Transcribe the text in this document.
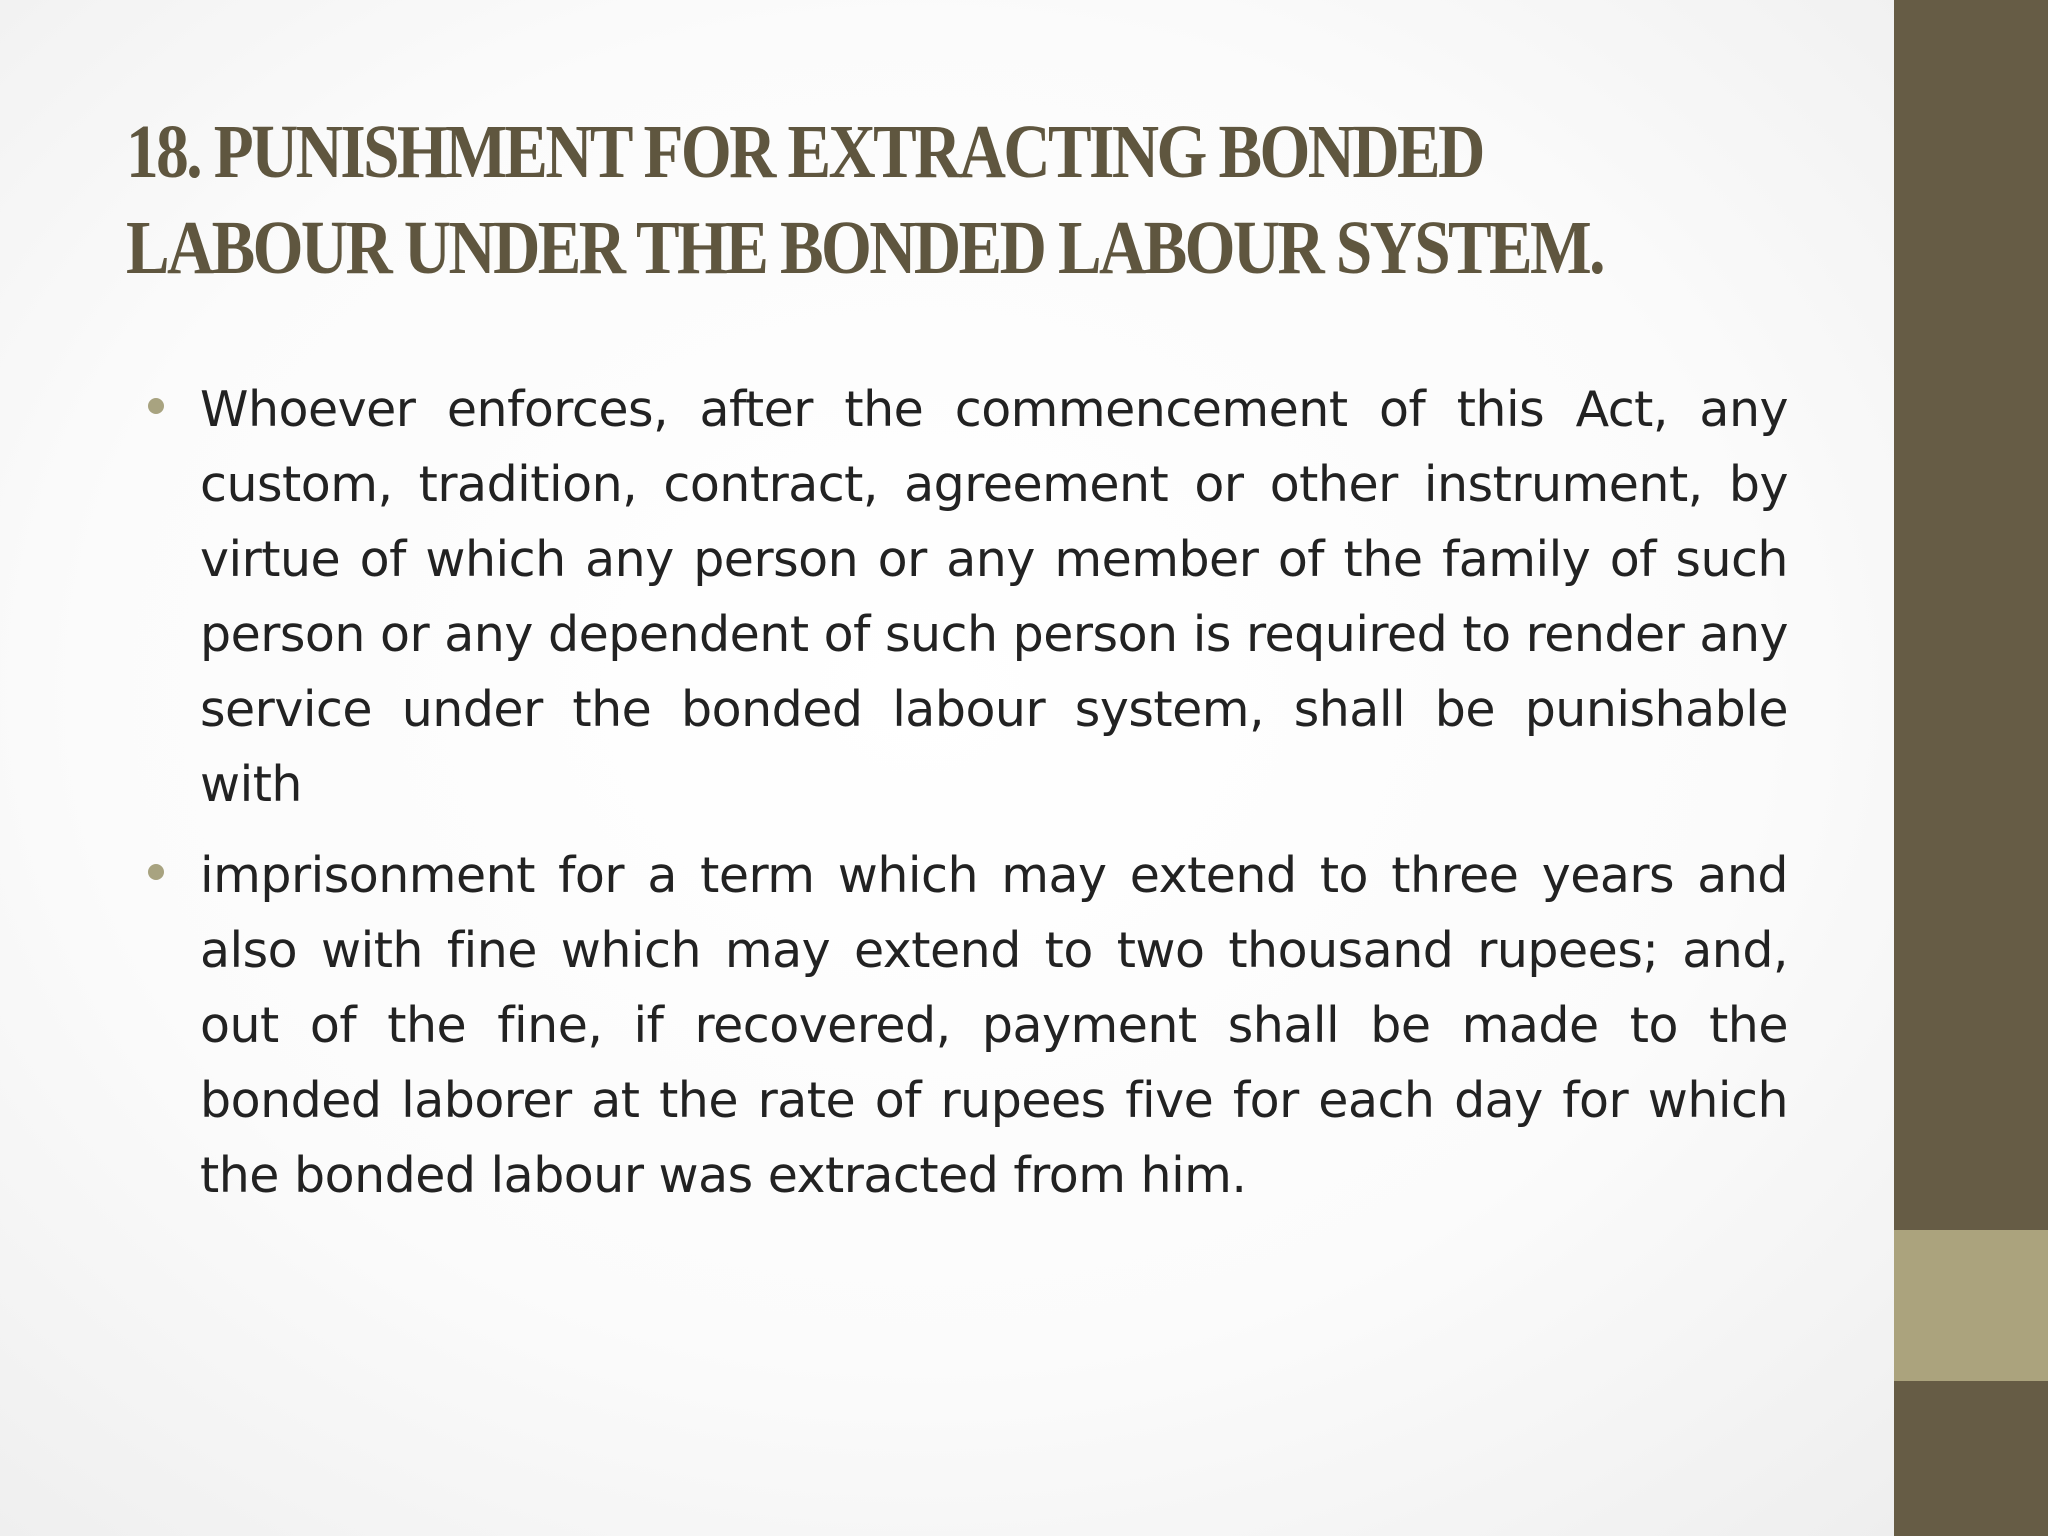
18. PUNISHMENT FOR EXTRACTING BONDED
LABOUR UNDER THE BONDED LABOUR SYSTEM.
Whoever enforces, after the commencement of this Act, any custom, tradition, contract, agreement or other instrument, by virtue of which any person or any member of the family of such person or any dependent of such person is required to render any service under the bonded labour system, shall be punishable with
imprisonment for a term which may extend to three years and also with fine which may extend to two thousand rupees; and, out of the fine, if recovered, payment shall be made to the bonded laborer at the rate of rupees five for each day for which the bonded labour was extracted from him.
